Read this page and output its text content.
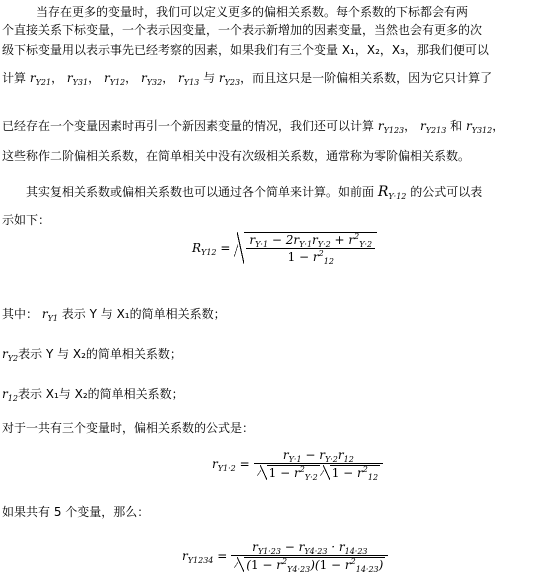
当存在更多的变量时，我们可以定义更多的偏相关系数。每个系数的下标都会有两
个直接关系下标变量，一个表示因变量，一个表示新增加的因素变量，当然也会有更多的次
级下标变量用以表示事先已经考察的因素，如果我们有三个变量 X₁，X₂，X₃，那我们便可以
计算 $r_{Y21}$， $r_{Y31}$， $r_{Y12}$， $r_{Y32}$， $r_{Y13}$ 与 $r_{Y23}$，而且这只是一阶偏相关系数，因为它只计算了
已经存在一个变量因素时再引一个新因素变量的情况，我们还可以计算 $r_{Y123}$， $r_{Y213}$ 和 $r_{Y312}$，
这些称作二阶偏相关系数，在简单相关中没有次级相关系数，通常称为零阶偏相关系数。
其实复相关系数或偏相关系数也可以通过各个简单来计算。如前面 $R_{Y\cdot 12}$ 的公式可以表
示如下：
$R_{Y12} = \frac{r_{Y\cdot 1} - 2r_{Y\cdot 1}r_{Y\cdot 2} + r^2_{Y\cdot 2}}{1 - r^2_{12}}$
其中： $r_{Y1}$ 表示 Y 与 X₁的简单相关系数；
$r_{Y2}$表示 Y 与 X₂的简单相关系数；
$r_{12}$表示 X₁与 X₂的简单相关系数；
对于一共有三个变量时，偏相关系数的公式是：
$r_{Y1\cdot 2} = \frac{r_{Y\cdot 1} - r_{Y\cdot 2}r_{12}}{1 - r^2_{Y\cdot 2} 1 - r^2_{12}}$
如果共有 5 个变量，那么：
$r_{Y1234} = \frac{r_{Y1\cdot 23} - r_{Y4\cdot 23} \cdot r_{14\cdot 23}}{(1 - r^2_{Y4\cdot 23})(1 - r^2_{14\cdot 23})}$
